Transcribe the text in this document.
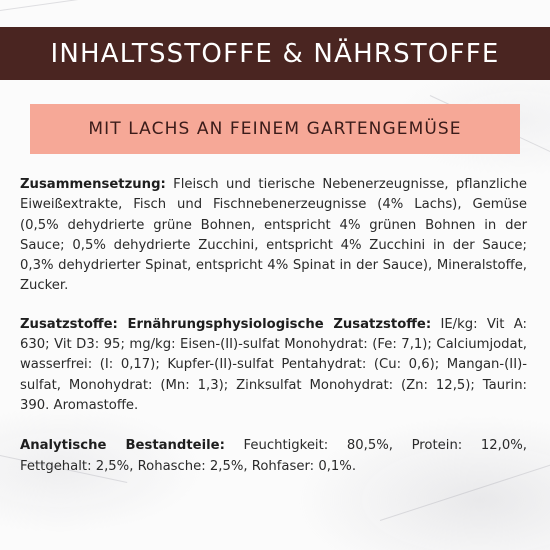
INHALTSSTOFFE & NÄHRSTOFFE
MIT LACHS AN FEINEM GARTENGEMÜSE

Zusammensetzung: Fleisch und tierische Nebenerzeugnisse, pflanzliche Eiweißextrakte, Fisch und Fischnebenerzeugnisse (4% Lachs), Gemüse (0,5% dehydrierte grüne Bohnen, entspricht 4% grünen Bohnen in der Sauce; 0,5% dehydrierte Zucchini, entspricht 4% Zucchini in der Sauce; 0,3% dehydrierter Spinat, entspricht 4% Spinat in der Sauce), Mineralstoffe, Zucker.

Zusatzstoffe: Ernährungsphysiologische Zusatzstoffe: IE/kg: Vit A: 630; Vit D3: 95; mg/kg: Eisen-(II)-sulfat Monohydrat: (Fe: 7,1); Calciumjodat, wasserfrei: (I: 0,17); Kupfer-(II)-sulfat Pentahydrat: (Cu: 0,6); Mangan-(II)-sulfat, Monohydrat: (Mn: 1,3); Zinksulfat Monohydrat: (Zn: 12,5); Taurin: 390. Aromastoffe.

Analytische Bestandteile: Feuchtigkeit: 80,5%, Protein: 12,0%, Fettgehalt: 2,5%, Rohasche: 2,5%, Rohfaser: 0,1%.
